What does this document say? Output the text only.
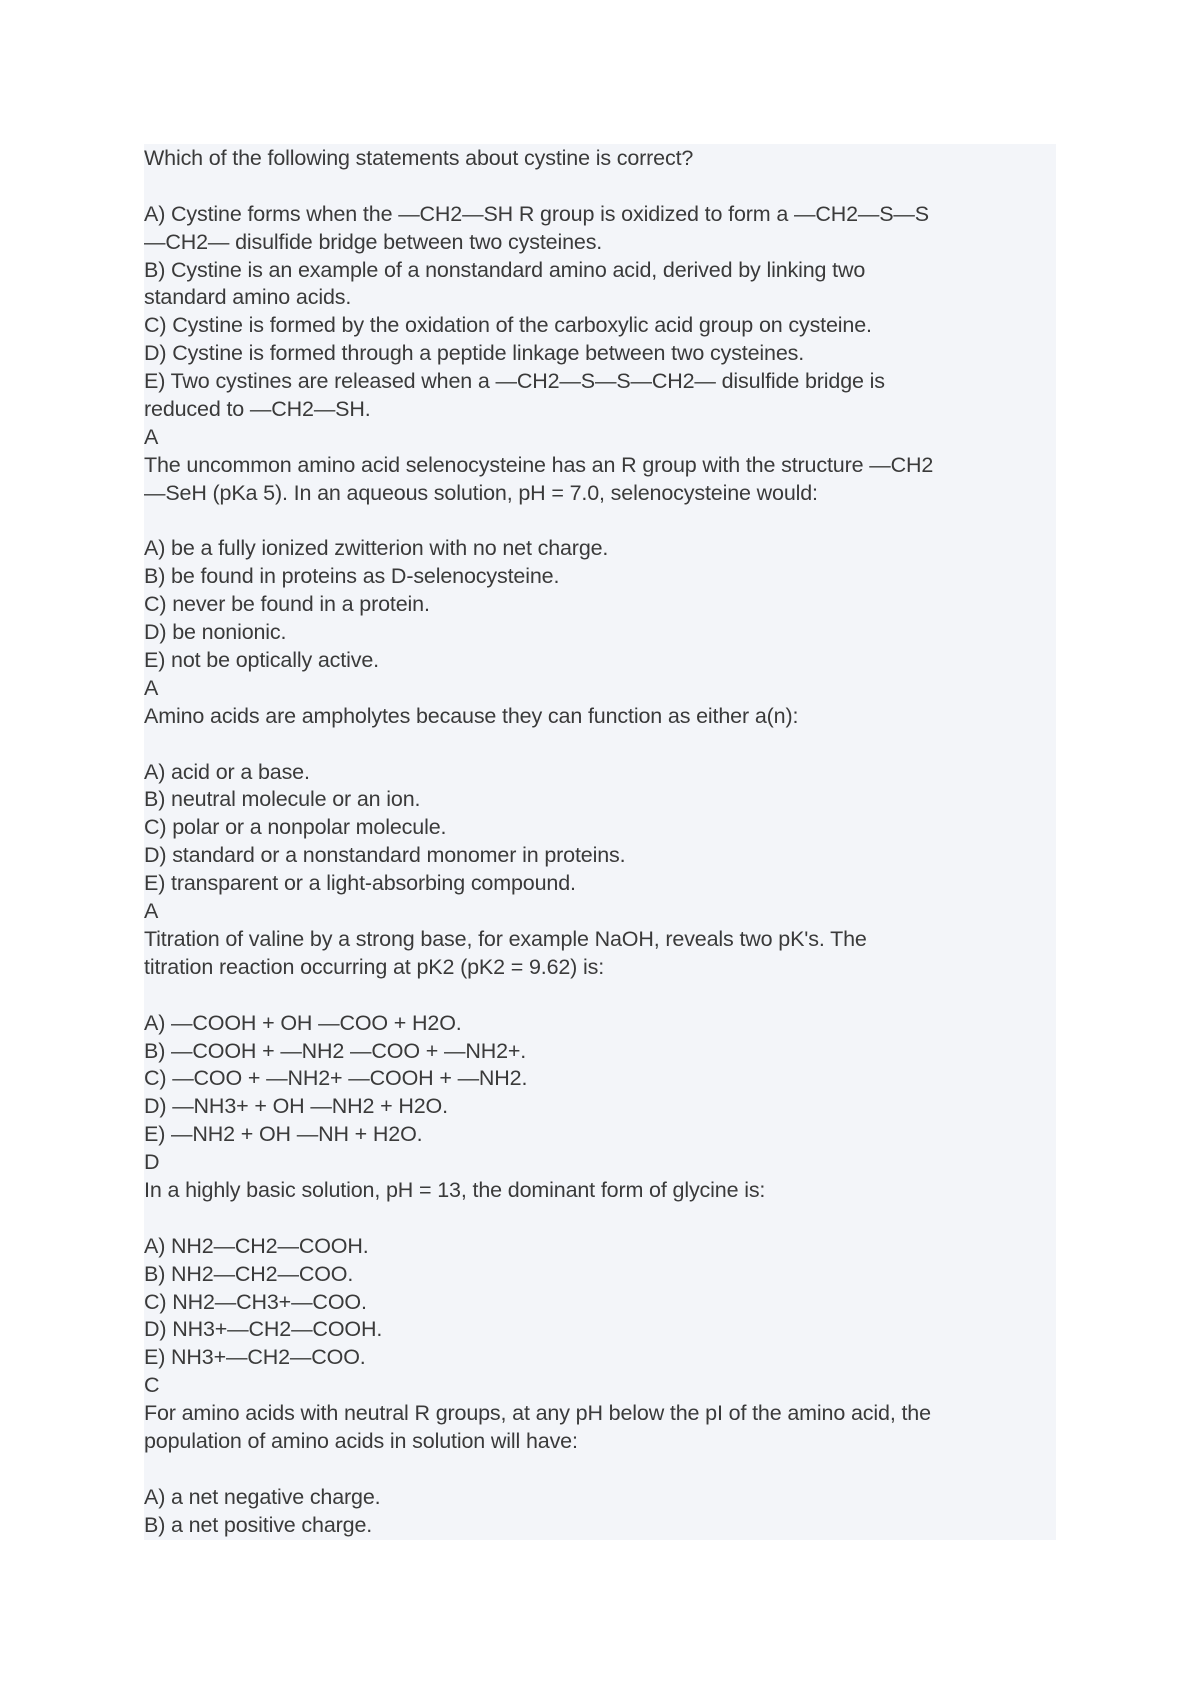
Which of the following statements about cystine is correct?
A) Cystine forms when the —CH2—SH R group is oxidized to form a —CH2—S—S
—CH2— disulfide bridge between two cysteines.
B) Cystine is an example of a nonstandard amino acid, derived by linking two
standard amino acids.
C) Cystine is formed by the oxidation of the carboxylic acid group on cysteine.
D) Cystine is formed through a peptide linkage between two cysteines.
E) Two cystines are released when a —CH2—S—S—CH2— disulfide bridge is
reduced to —CH2—SH.
A
The uncommon amino acid selenocysteine has an R group with the structure —CH2
—SeH (pKa 5). In an aqueous solution, pH = 7.0, selenocysteine would:
A) be a fully ionized zwitterion with no net charge.
B) be found in proteins as D-selenocysteine.
C) never be found in a protein.
D) be nonionic.
E) not be optically active.
A
Amino acids are ampholytes because they can function as either a(n):
A) acid or a base.
B) neutral molecule or an ion.
C) polar or a nonpolar molecule.
D) standard or a nonstandard monomer in proteins.
E) transparent or a light-absorbing compound.
A
Titration of valine by a strong base, for example NaOH, reveals two pK's. The
titration reaction occurring at pK2 (pK2 = 9.62) is:
A) —COOH + OH —COO + H2O.
B) —COOH + —NH2 —COO + —NH2+.
C) —COO + —NH2+ —COOH + —NH2.
D) —NH3+ + OH —NH2 + H2O.
E) —NH2 + OH —NH + H2O.
D
In a highly basic solution, pH = 13, the dominant form of glycine is:
A) NH2—CH2—COOH.
B) NH2—CH2—COO.
C) NH2—CH3+—COO.
D) NH3+—CH2—COOH.
E) NH3+—CH2—COO.
C
For amino acids with neutral R groups, at any pH below the pI of the amino acid, the
population of amino acids in solution will have:
A) a net negative charge.
B) a net positive charge.
